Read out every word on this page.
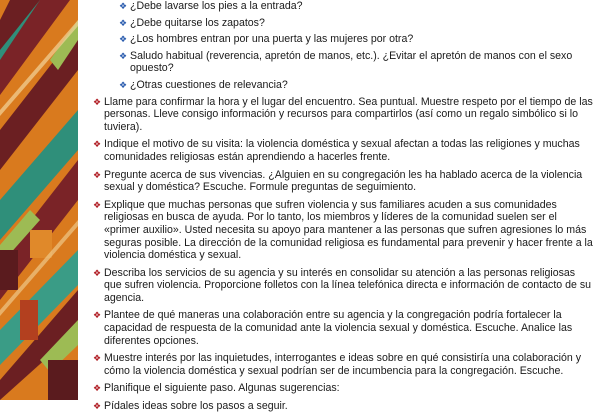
❖ ¿Debe lavarse los pies a la entrada?
❖ ¿Debe quitarse los zapatos?
❖ ¿Los hombres entran por una puerta y las mujeres por otra?
❖ Saludo habitual (reverencia, apretón de manos, etc.). ¿Evitar el apretón de manos con el sexo opuesto?
❖ ¿Otras cuestiones de relevancia?
❖ Llame para confirmar la hora y el lugar del encuentro. Sea puntual. Muestre respeto por el tiempo de las personas. Lleve consigo información y recursos para compartirlos (así como un regalo simbólico si lo tuviera).
❖ Indique el motivo de su visita: la violencia doméstica y sexual afectan a todas las religiones y muchas comunidades religiosas están aprendiendo a hacerles frente.
❖ Pregunte acerca de sus vivencias. ¿Alguien en su congregación les ha hablado acerca de la violencia sexual y doméstica? Escuche. Formule preguntas de seguimiento.
❖ Explique que muchas personas que sufren violencia y sus familiares acuden a sus comunidades religiosas en busca de ayuda. Por lo tanto, los miembros y líderes de la comunidad suelen ser el «primer auxilio». Usted necesita su apoyo para mantener a las personas que sufren agresiones lo más seguras posible. La dirección de la comunidad religiosa es fundamental para prevenir y hacer frente a la violencia doméstica y sexual.
❖ Describa los servicios de su agencia y su interés en consolidar su atención a las personas religiosas que sufren violencia. Proporcione folletos con la línea telefónica directa e información de contacto de su agencia.
❖ Plantee de qué maneras una colaboración entre su agencia y la congregación podría fortalecer la capacidad de respuesta de la comunidad ante la violencia sexual y doméstica. Escuche. Analice las diferentes opciones.
❖ Muestre interés por las inquietudes, interrogantes e ideas sobre en qué consistiría una colaboración y cómo la violencia doméstica y sexual podrían ser de incumbencia para la congregación. Escuche.
❖ Planifique el siguiente paso. Algunas sugerencias:
❖ Pídales ideas sobre los pasos a seguir.
